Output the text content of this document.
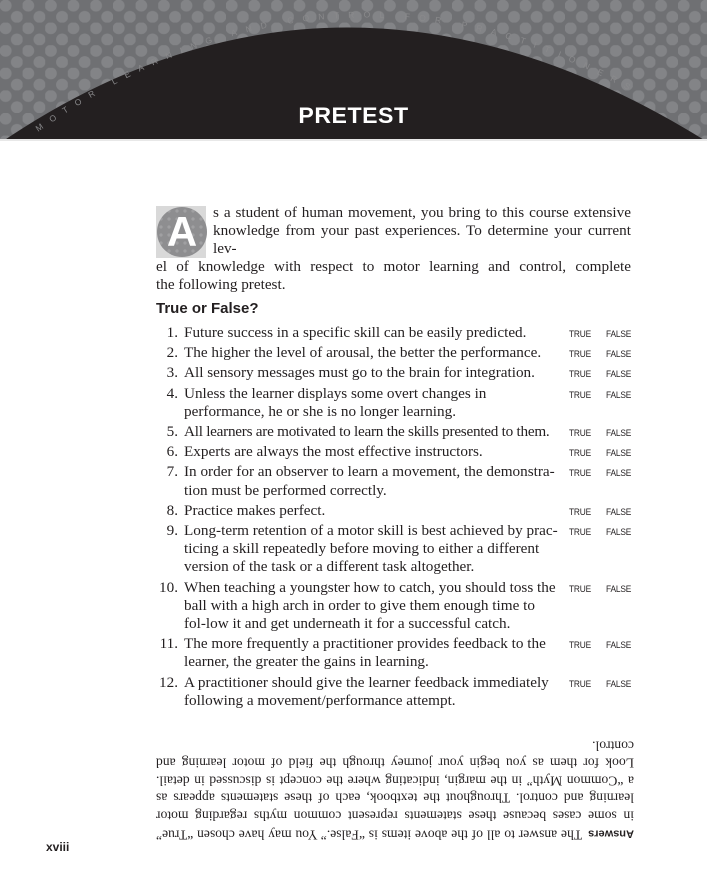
MOTOR LEARNING AND CONTROL FOR PRACTITIONERS
PRETEST
A	s a student of human movement, you bring to this course extensive
knowledge from your past experiences. To determine your current lev-
el of knowledge with respect to motor learning and control, complete
the following pretest.
True or False?
1. Future success in a specific skill can be easily predicted.	TRUE FALSE
2. The higher the level of arousal, the better the performance.	TRUE FALSE
3. All sensory messages must go to the brain for integration.	TRUE FALSE
4. Unless the learner displays some overt changes in performance, he or she is no longer learning.
TRUE FALSE
5. All learners are motivated to learn the skills presented to them.	TRUE FALSE
6. Experts are always the most effective instructors.	TRUE FALSE
7. In order for an observer to learn a movement, the demonstra-tion must be performed correctly.
TRUE FALSE
8. Practice makes perfect.	TRUE FALSE
9. Long-term retention of a motor skill is best achieved by prac-ticing a skill repeatedly before moving to either a different version of the task or a different task altogether.
TRUE FALSE
10. When teaching a youngster how to catch, you should toss the ball with a high arch in order to give them enough time to fol-low it and get underneath it for a successful catch.
TRUE FALSE
11. The more frequently a practitioner provides feedback to the learner, the greater the gains in learning.
TRUE FALSE
12. A practitioner should give the learner feedback immediately following a movement/performance attempt.
TRUE FALSE
AnswersThe answer to all of the above items is “False.” You may have chosen “True”
in some cases because these statements represent common myths regarding motor
learning and control. Throughout the textbook, each of these statements appears as
a “Common Myth” in the margin, indicating where the concept is discussed in detail.
Look for them as you begin your journey through the field of motor learning and control.
xviii
